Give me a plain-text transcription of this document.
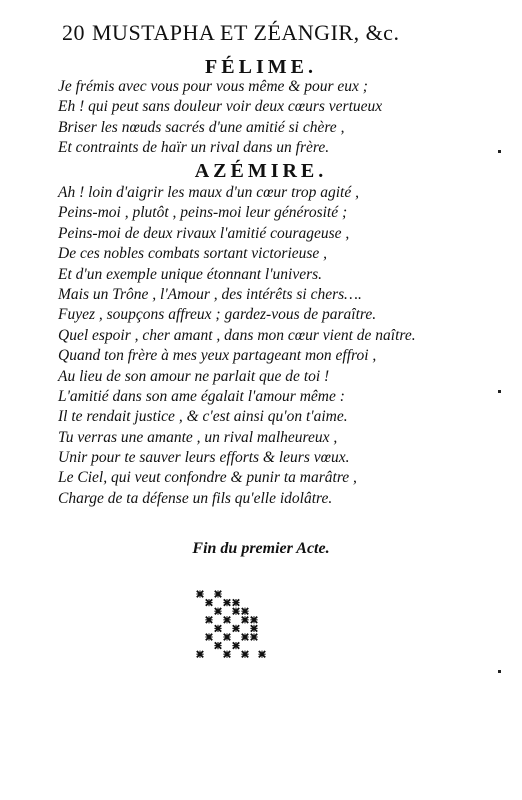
20 MUSTAPHA ET ZÉANGIR, &c.
FÉLIME.
Je frémis avec vous pour vous même & pour eux ;
Eh ! qui peut sans douleur voir deux cœurs vertueux
Briser les nœuds sacrés d'une amitié si chère ,
Et contraints de haïr un rival dans un frère.
AZÉMIRE.
Ah ! loin d'aigrir les maux d'un cœur trop agité ,
Peins-moi , plutôt , peins-moi leur générosité ;
Peins-moi de deux rivaux l'amitié courageuse ,
De ces nobles combats sortant victorieuse ,
Et d'un exemple unique étonnant l'univers.
Mais un Trône , l'Amour , des intérêts si chers….
Fuyez , soupçons affreux ; gardez-vous de paraître.
Quel espoir , cher amant , dans mon cœur vient de naître.
Quand ton frère à mes yeux partageant mon effroi ,
Au lieu de son amour ne parlait que de toi !
L'amitié dans son ame égalait l'amour même :
Il te rendait justice , & c'est ainsi qu'on t'aime.
Tu verras une amante , un rival malheureux ,
Unir pour te sauver leurs efforts & leurs vœux.
Le Ciel, qui veut confondre & punir ta marâtre ,
Charge de ta défense un fils qu'elle idolâtre.
Fin du premier Acte.
